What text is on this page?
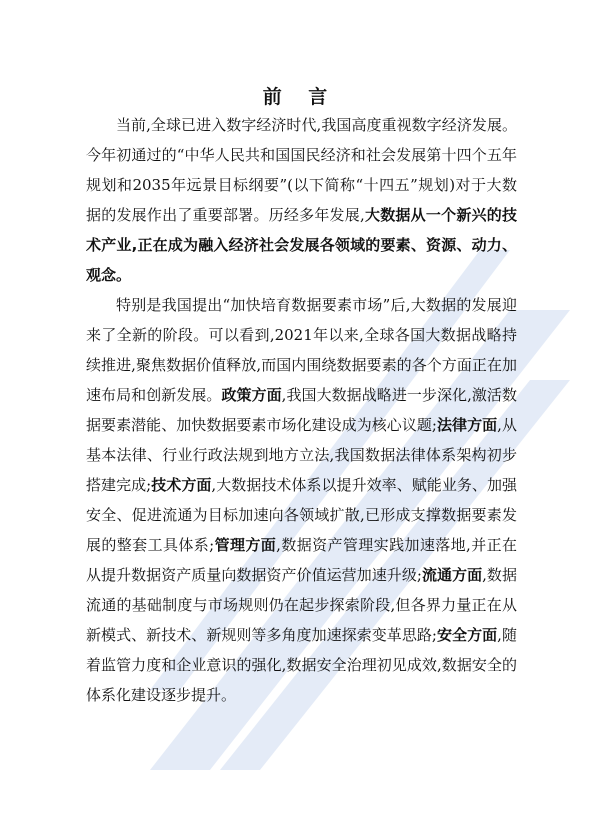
前 言

当前,全球已进入数字经济时代,我国高度重视数字经济发展。今年初通过的“中华人民共和国国民经济和社会发展第十四个五年规划和2035年远景目标纲要”(以下简称“十四五”规划)对于大数据的发展作出了重要部署。历经多年发展,大数据从一个新兴的技术产业,正在成为融入经济社会发展各领域的要素、资源、动力、观念。

特别是我国提出“加快培育数据要素市场”后,大数据的发展迎来了全新的阶段。可以看到,2021年以来,全球各国大数据战略持续推进,聚焦数据价值释放,而国内围绕数据要素的各个方面正在加速布局和创新发展。政策方面,我国大数据战略进一步深化,激活数据要素潜能、加快数据要素市场化建设成为核心议题;法律方面,从基本法律、行业行政法规到地方立法,我国数据法律体系架构初步搭建完成;技术方面,大数据技术体系以提升效率、赋能业务、加强安全、促进流通为目标加速向各领域扩散,已形成支撑数据要素发展的整套工具体系;管理方面,数据资产管理实践加速落地,并正在从提升数据资产质量向数据资产价值运营加速升级;流通方面,数据流通的基础制度与市场规则仍在起步探索阶段,但各界力量正在从新模式、新技术、新规则等多角度加速探索变革思路;安全方面,随着监管力度和企业意识的强化,数据安全治理初见成效,数据安全的体系化建设逐步提升。
